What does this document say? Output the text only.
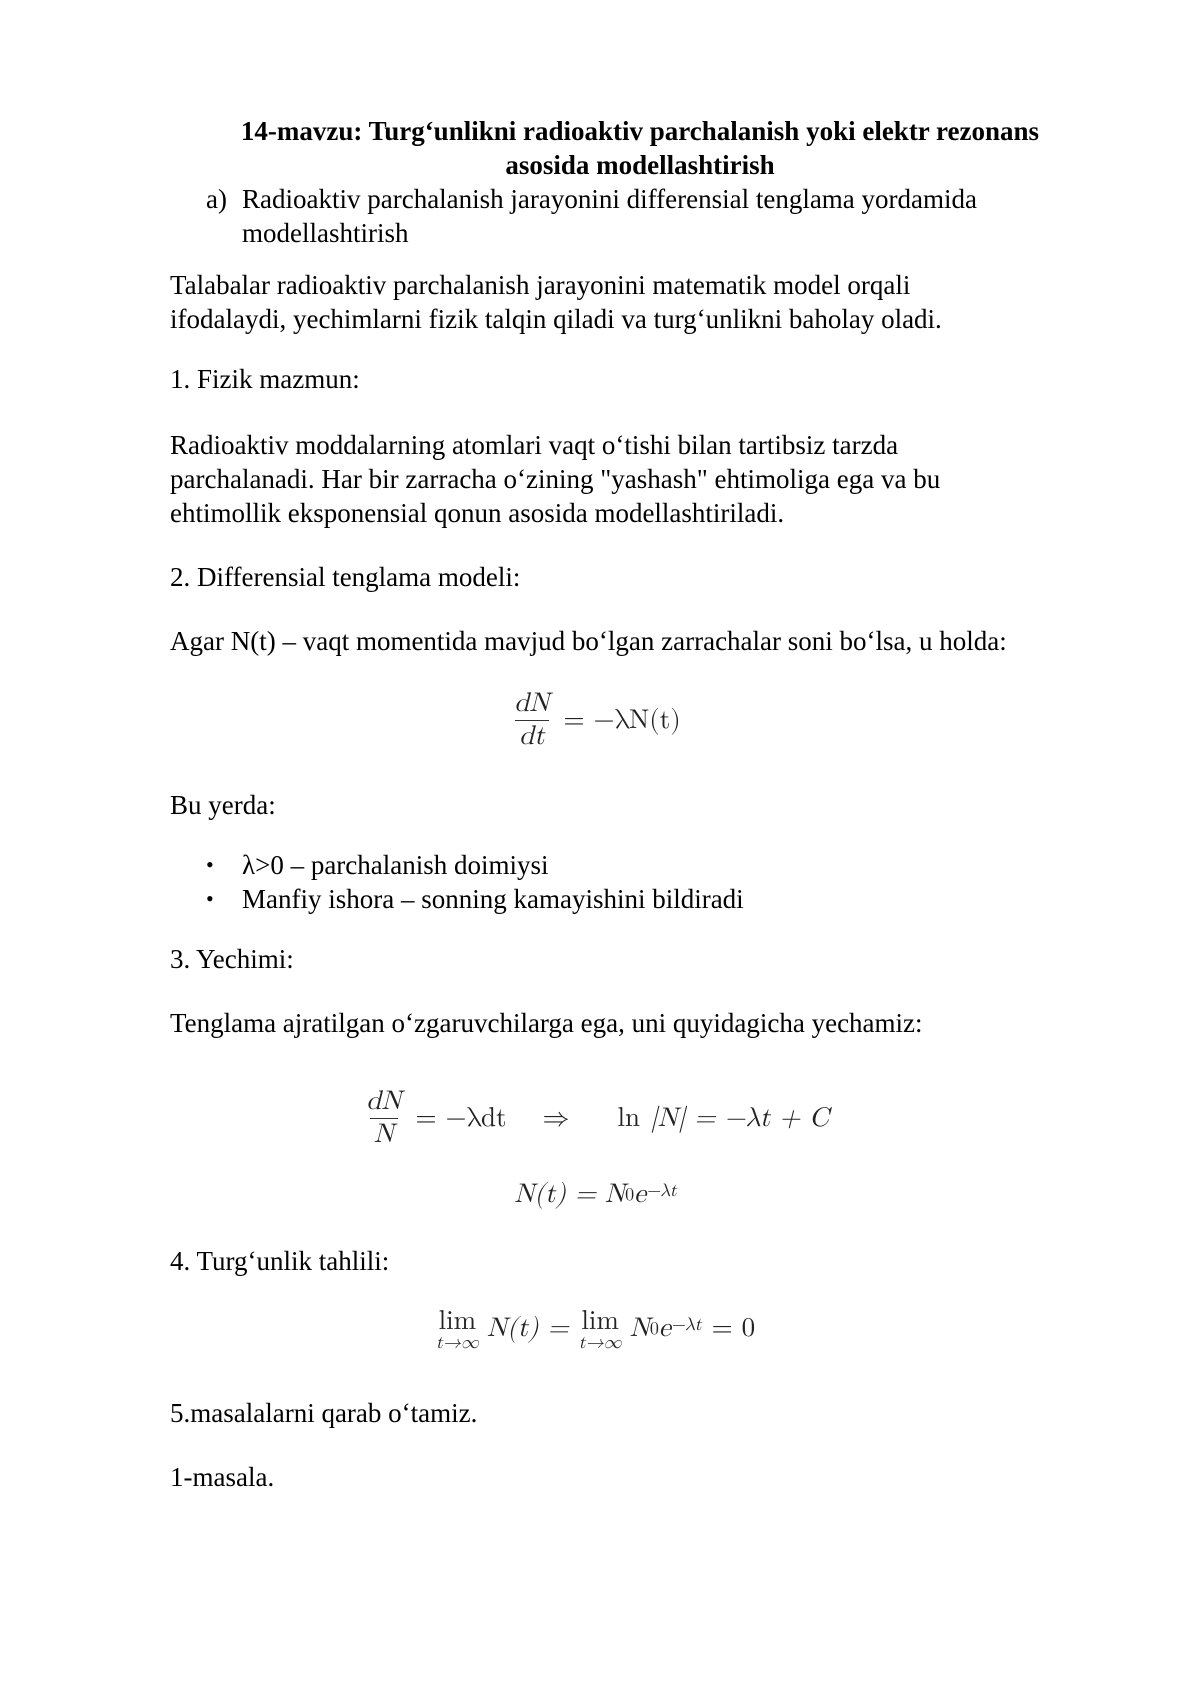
14-mavzu: Turg‘unlikni radioaktiv parchalanish yoki elektr rezonans
asosida modellashtirish
a) Radioaktiv parchalanish jarayonini differensial tenglama yordamida
modellashtirish
Talabalar radioaktiv parchalanish jarayonini matematik model orqali
ifodalaydi, yechimlarni fizik talqin qiladi va turg‘unlikni baholay oladi.
1. Fizik mazmun:
Radioaktiv moddalarning atomlari vaqt o‘tishi bilan tartibsiz tarzda
parchalanadi. Har bir zarracha o‘zining "yashash" ehtimoliga ega va bu
ehtimollik eksponensial qonun asosida modellashtiriladi.
2. Differensial tenglama modeli:
Agar N(t) – vaqt momentida mavjud bo‘lgan zarrachalar soni bo‘lsa, u holda:
$\frac{dN}{dt} = -\lambda N(t)$
Bu yerda:
• λ>0 – parchalanish doimiysi
• Manfiy ishora – sonning kamayishini bildiradi
3. Yechimi:
Tenglama ajratilgan o‘zgaruvchilarga ega, uni quyidagicha yechamiz:
$\frac{dN}{N} = -\lambda dt$ ⇒ ln |N| = −λt + C
N(t) = N 0 $e^{-\lambda t}$
4. Turg‘unlik tahlili:
lim
t→∞
N(t) = lim
t→∞
N 0 $e^{-\lambda t} = 0$
5.masalalarni qarab o‘tamiz.
1-masala.
